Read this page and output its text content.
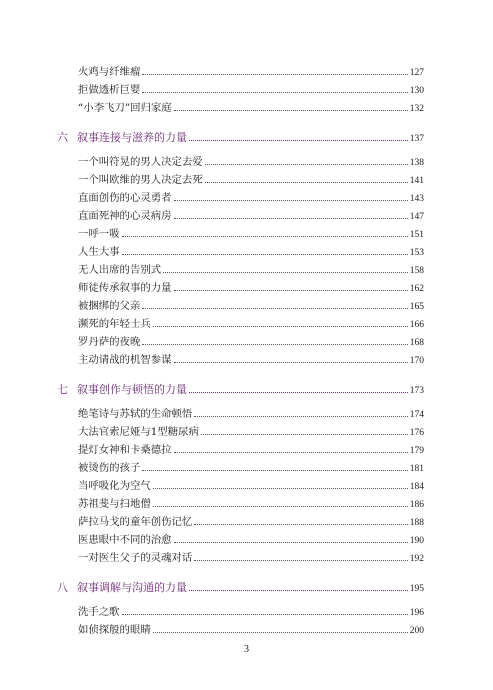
火鸡与纤维瘤	127
拒做透析巨婴	130
“小李飞刀”回归家庭	132
六 叙事连接与滋养的力量	137
一个叫符晃的男人决定去爱	138
一个叫欧维的男人决定去死	141
直面创伤的心灵勇者	143
直面死神的心灵病房	147
一呼一吸	151
人生大事	153
无人出席的告别式	158
师徒传承叙事的力量	162
被捆绑的父亲	165
濒死的年轻士兵	166
罗丹萨的夜晚	168
主动请战的机智参谋	170
七 叙事创作与顿悟的力量	173
绝笔诗与苏轼的生命顿悟	174
大法官索尼娅与1型糖尿病	176
提灯女神和卡桑德拉	179
被烫伤的孩子	181
当呼吸化为空气	184
苏祖斐与扫地僧	186
萨拉马戈的童年创伤记忆	188
医患眼中不同的治愈	190
一对医生父子的灵魂对话	192
八 叙事调解与沟通的力量	195
洗手之歌	196
如侦探般的眼睛	200
3
